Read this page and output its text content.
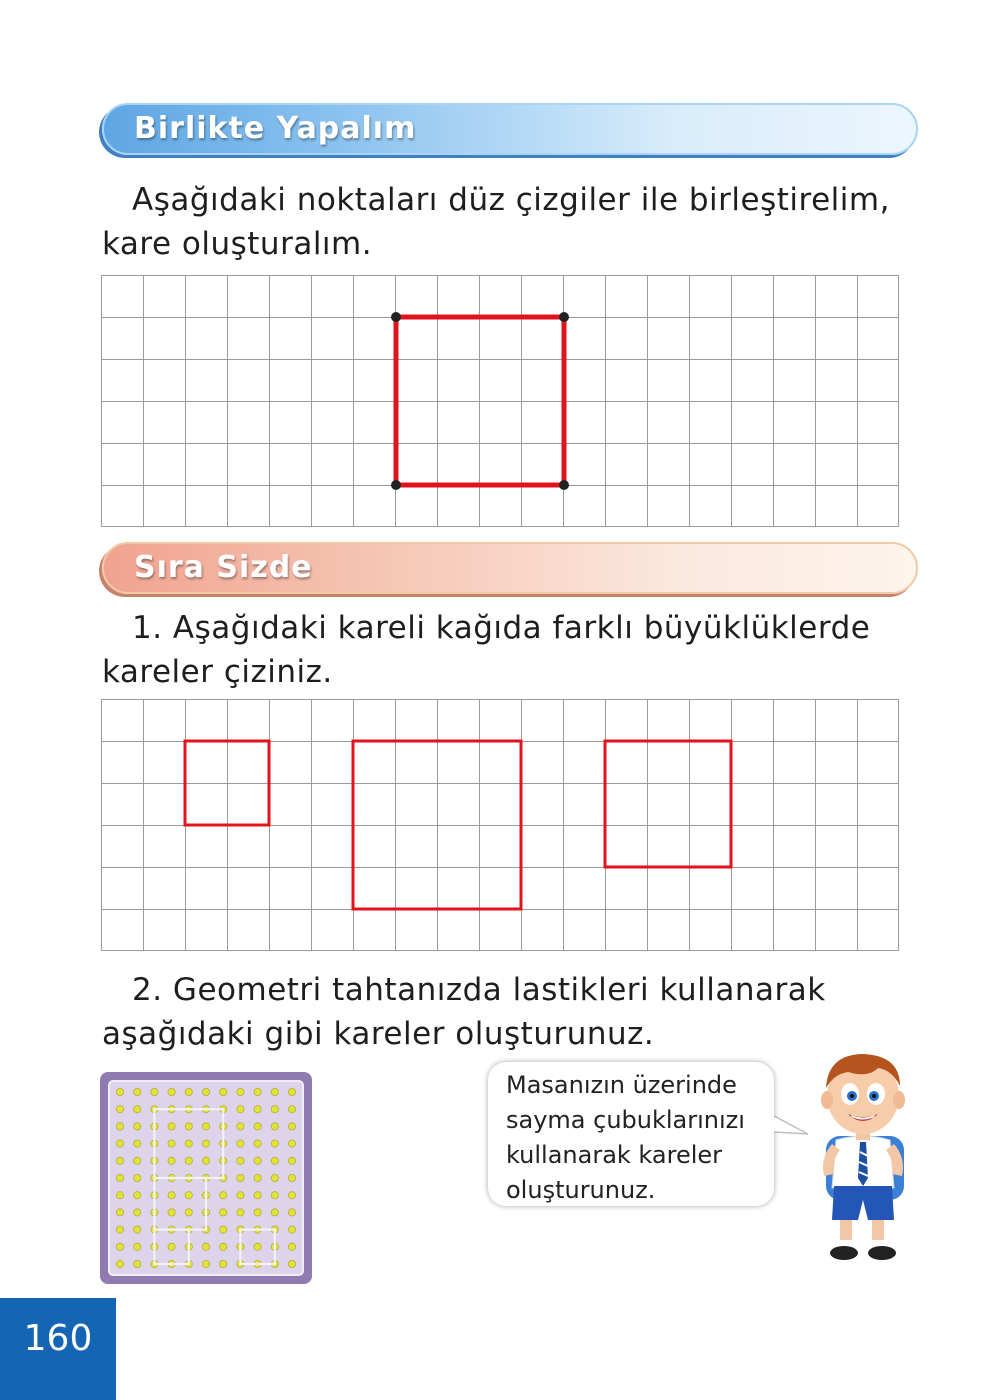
Birlikte Yapalım
Aşağıdaki noktaları düz çizgiler ile birleştirelim,
kare oluşturalım.
Sıra Sizde
1. Aşağıdaki kareli kağıda farklı büyüklüklerde
kareler çiziniz.
2. Geometri tahtanızda lastikleri kullanarak
aşağıdaki gibi kareler oluşturunuz.
Masanızın üzerinde
sayma çubuklarınızı
kullanarak kareler
oluşturunuz.
160
